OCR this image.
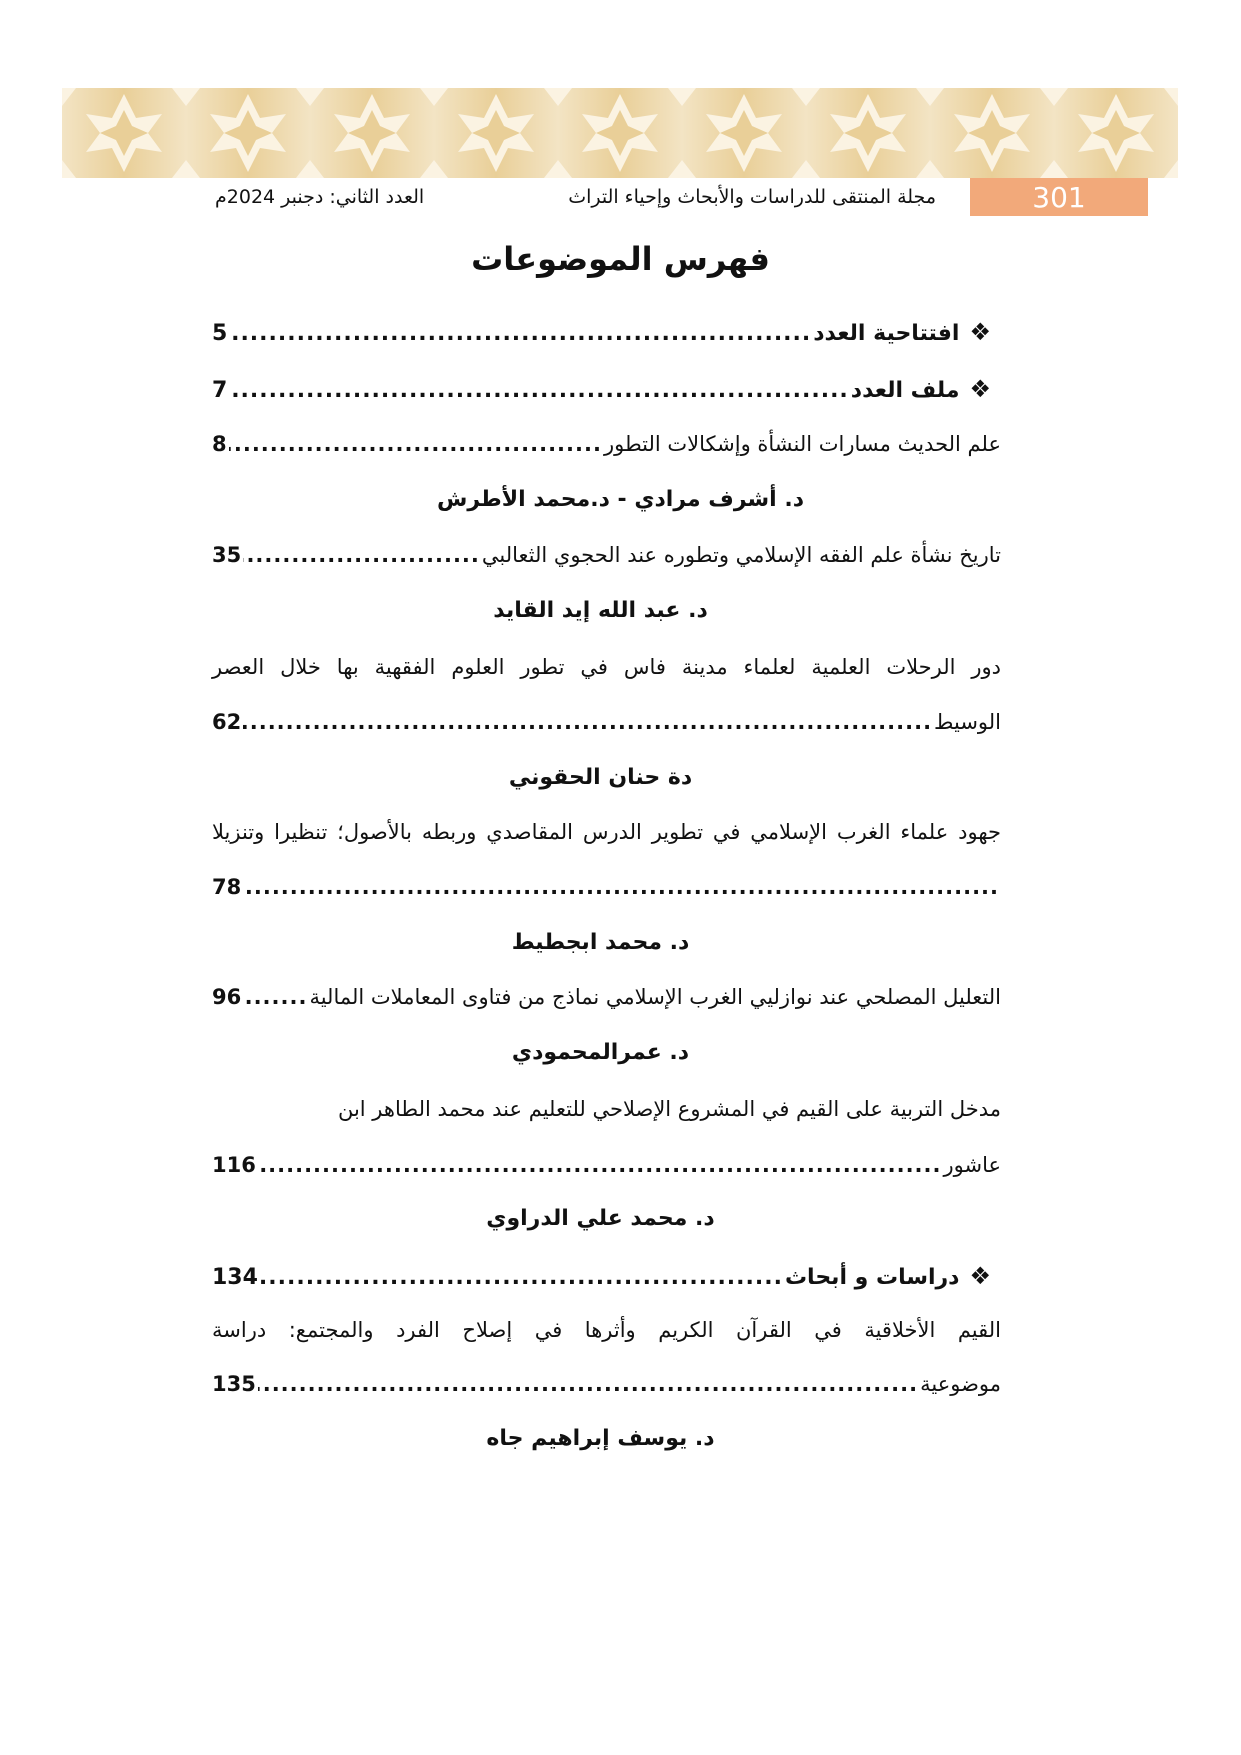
301
مجلة المنتقى للدراسات والأبحاث وإحياء التراث
العدد الثاني: دجنبر 2024م
فهرس الموضوعات
❖
افتتاحية العدد
.....
5
❖
ملف العدد
.....
7
علم الحديث مسارات النشأة وإشكالات التطور
.....
8
د. أشرف مرادي - د.محمد الأطرش
تاريخ نشأة علم الفقه الإسلامي وتطوره عند الحجوي الثعالبي
.....
35
د. عبد الله إيد القايد
دور الرحلات العلمية لعلماء مدينة فاس في تطور العلوم الفقهية بها خلال العصر
الوسيط
.....
62
دة حنان الحقوني
جهود علماء الغرب الإسلامي في تطوير الدرس المقاصدي وربطه بالأصول؛ تنظيرا وتنزيلا
.....
78
د. محمد ابجطيط
التعليل المصلحي عند نوازليي الغرب الإسلامي نماذج من فتاوى المعاملات المالية
.....
96
د. عمرالمحمودي
مدخل التربية على القيم في المشروع الإصلاحي للتعليم عند محمد الطاهر ابن
عاشور
.....
116
د. محمد علي الدراوي
❖
دراسات و أبحاث
.....
134
القيم الأخلاقية في القرآن الكريم وأثرها في إصلاح الفرد والمجتمع: دراسة
موضوعية
.....
135
د. يوسف إبراهيم جاه
